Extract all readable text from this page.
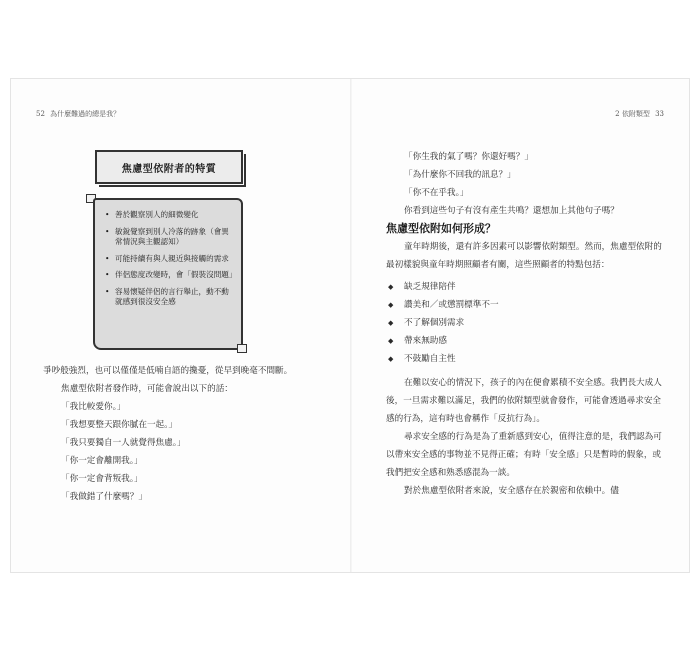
52 為什麼難過的總是我？
焦慮型依附者的特質
• 善於觀察別人的細微變化
• 敏銳覺察到別人冷落的跡象（會異常情況與主觀認知）
• 可能持續有與人親近與接觸的需求
• 伴侶態度改變時，會「假裝沒問題」
• 容易懷疑伴侶的言行舉止，動不動就感到很沒安全感

爭吵般強烈，也可以僅僅是低喃自語的攙憂，從早到晚毫不間斷。

焦慮型依附者發作時，可能會說出以下的話：

「我比較愛你。」

「我想要整天跟你膩在一起。」

「我只要獨自一人就覺得焦慮。」

「你一定會離開我。」

「你一定會背叛我。」

「我做錯了什麼嗎？」

2 依附類型 33

「你生我的氣了嗎？你還好嗎？」

「為什麼你不回我的訊息？」

「你不在乎我。」

你看到這些句子有沒有產生共鳴？還想加上其他句子嗎？

焦慮型依附如何形成？

童年時期後，還有許多因素可以影響依附類型。然而，焦慮型依附的最初樣貌與童年時期照顧者有關，這些照顧者的特點包括：

◆ 缺乏規律陪伴
◆ 讚美和／或懲罰標準不一
◆ 不了解個別需求
◆ 帶來無助感
◆ 不鼓勵自主性

在難以安心的情況下，孩子的內在便會累積不安全感。我們長大成人後，一旦需求難以滿足，我們的依附類型就會發作，可能會透過尋求安全感的行為，這有時也會稱作「反抗行為」。

尋求安全感的行為是為了重新感到安心，值得注意的是，我們認為可以帶來安全感的事物並不見得正確；有時「安全感」只是暫時的假象，或我們把安全感和熟悉感混為一談。

對於焦慮型依附者來說，安全感存在於親密和依賴中。儘
